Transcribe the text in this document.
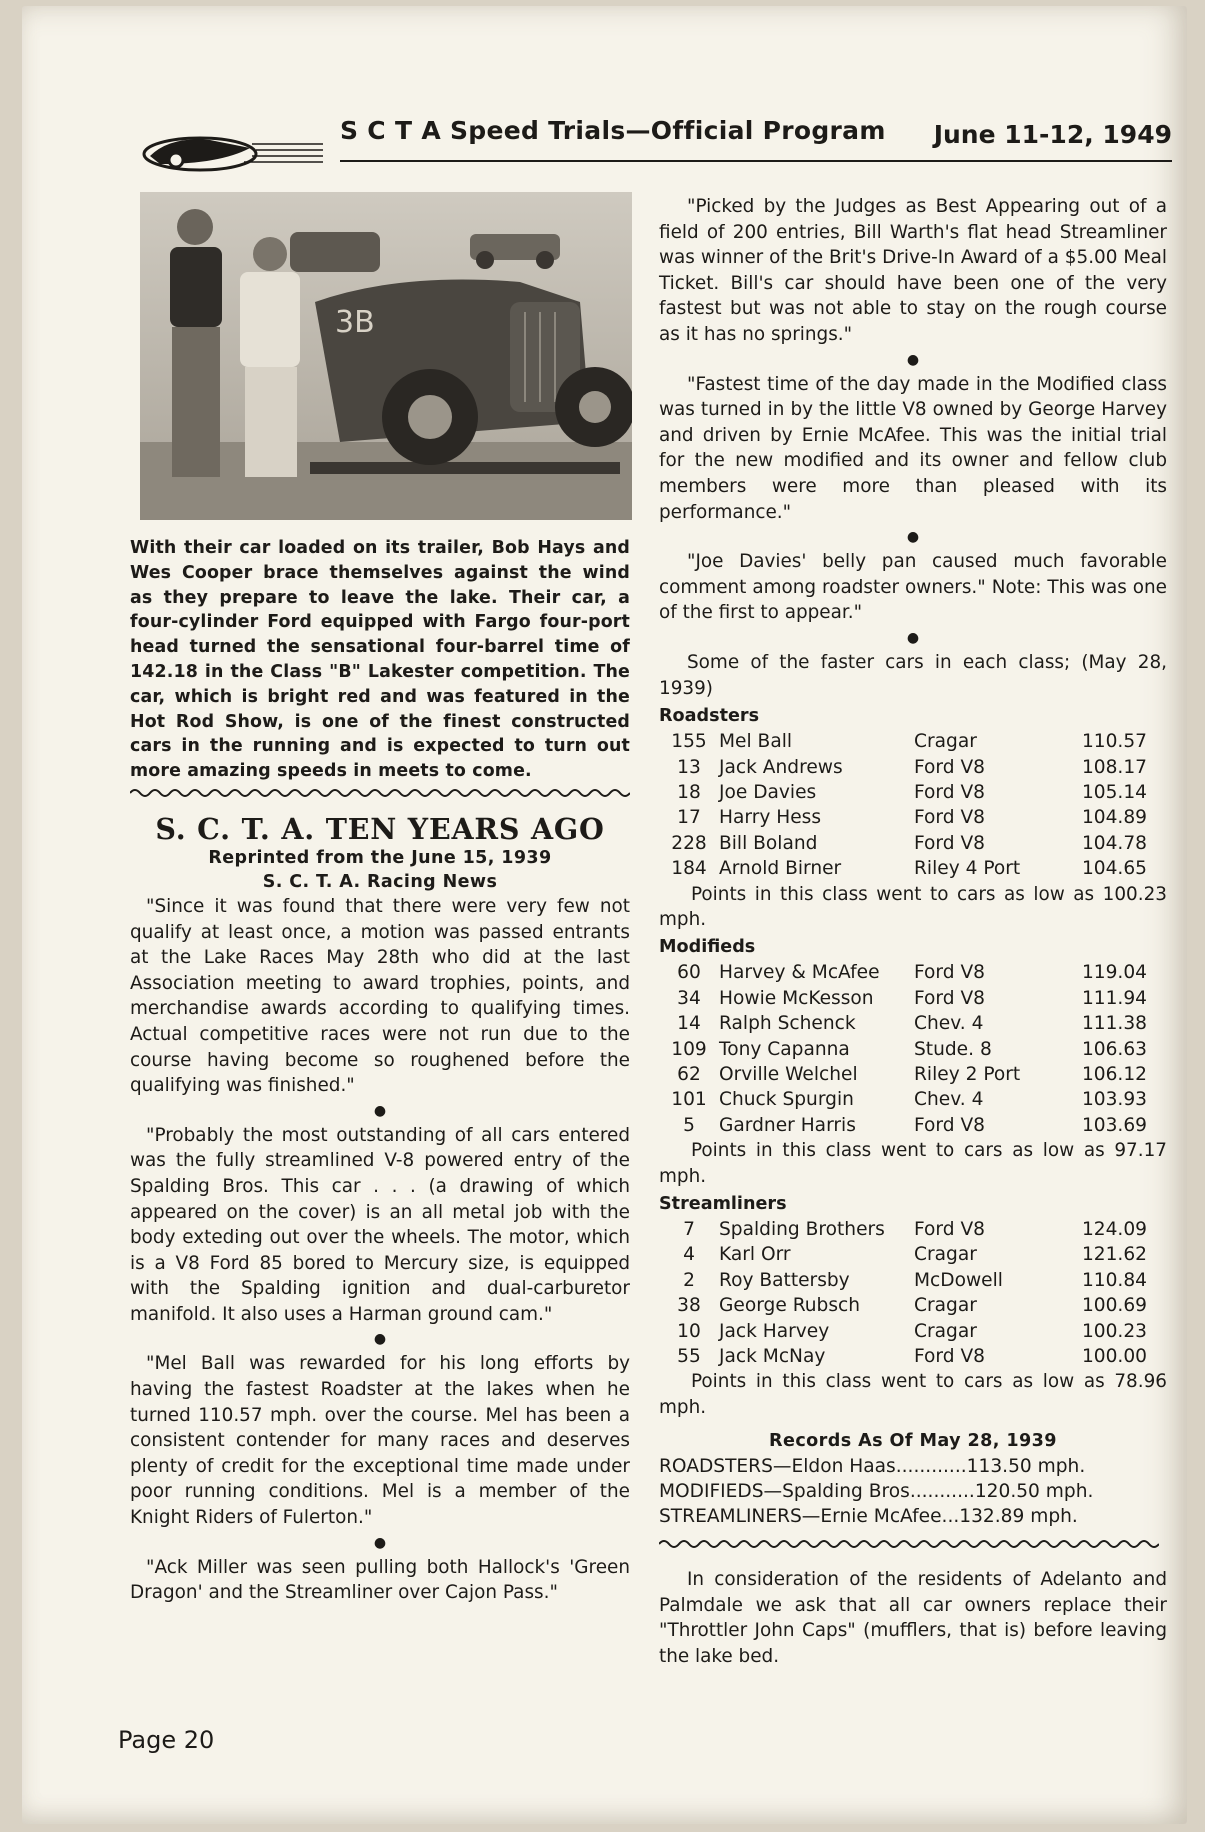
S C T A Speed Trials—Official Program June 11-12, 1949
3B

With their car loaded on its trailer, Bob Hays and Wes Cooper brace themselves against the wind as they prepare to leave the lake. Their car, a four-cylinder Ford equipped with Fargo four-port head turned the sensational four-barrel time of 142.18 in the Class "B" Lakester competition. The car, which is bright red and was featured in the Hot Rod Show, is one of the finest constructed cars in the running and is expected to turn out more amazing speeds in meets to come.

S. C. T. A. TEN YEARS AGO

Reprinted from the June 15, 1939

S. C. T. A. Racing News

"Since it was found that there were very few not qualify at least once, a motion was passed entrants at the Lake Races May 28th who did at the last Association meeting to award trophies, points, and merchandise awards according to qualifying times. Actual competitive races were not run due to the course having become so roughened before the qualifying was finished."

●

"Probably the most outstanding of all cars entered was the fully streamlined V-8 powered entry of the Spalding Bros. This car . . . (a drawing of which appeared on the cover) is an all metal job with the body exteding out over the wheels. The motor, which is a V8 Ford 85 bored to Mercury size, is equipped with the Spalding ignition and dual-carburetor manifold. It also uses a Harman ground cam."

●

"Mel Ball was rewarded for his long efforts by having the fastest Roadster at the lakes when he turned 110.57 mph. over the course. Mel has been a consistent contender for many races and deserves plenty of credit for the exceptional time made under poor running conditions. Mel is a member of the Knight Riders of Fulerton."

●

"Ack Miller was seen pulling both Hallock's 'Green Dragon' and the Streamliner over Cajon Pass."

"Picked by the Judges as Best Appearing out of a field of 200 entries, Bill Warth's flat head Streamliner was winner of the Brit's Drive-In Award of a $5.00 Meal Ticket. Bill's car should have been one of the very fastest but was not able to stay on the rough course as it has no springs."

●

"Fastest time of the day made in the Modified class was turned in by the little V8 owned by George Harvey and driven by Ernie McAfee. This was the initial trial for the new modified and its owner and fellow club members were more than pleased with its performance."

●

"Joe Davies' belly pan caused much favorable comment among roadster owners." Note: This was one of the first to appear."

●

Some of the faster cars in each class; (May 28, 1939)

Roadsters

155	Mel Ball	Cragar	110.57
13	Jack Andrews	Ford V8	108.17
18	Joe Davies	Ford V8	105.14
17	Harry Hess	Ford V8	104.89
228	Bill Boland	Ford V8	104.78
184	Arnold Birner	Riley 4 Port	104.65

Points in this class went to cars as low as 100.23 mph.

Modifieds

60	Harvey & McAfee	Ford V8	119.04
34	Howie McKesson	Ford V8	111.94
14	Ralph Schenck	Chev. 4	111.38
109	Tony Capanna	Stude. 8	106.63
62	Orville Welchel	Riley 2 Port	106.12
101	Chuck Spurgin	Chev. 4	103.93
5	Gardner Harris	Ford V8	103.69

Points in this class went to cars as low as 97.17 mph.

Streamliners

7	Spalding Brothers	Ford V8	124.09
4	Karl Orr	Cragar	121.62
2	Roy Battersby	McDowell	110.84
38	George Rubsch	Cragar	100.69
10	Jack Harvey	Cragar	100.23
55	Jack McNay	Ford V8	100.00

Points in this class went to cars as low as 78.96 mph.

Records As Of May 28, 1939

ROADSTERS—Eldon Haas............113.50 mph.

MODIFIEDS—Spalding Bros...........120.50 mph.

STREAMLINERS—Ernie McAfee...132.89 mph.

In consideration of the residents of Adelanto and Palmdale we ask that all car owners replace their "Throttler John Caps" (mufflers, that is) before leaving the lake bed.

Page 20
